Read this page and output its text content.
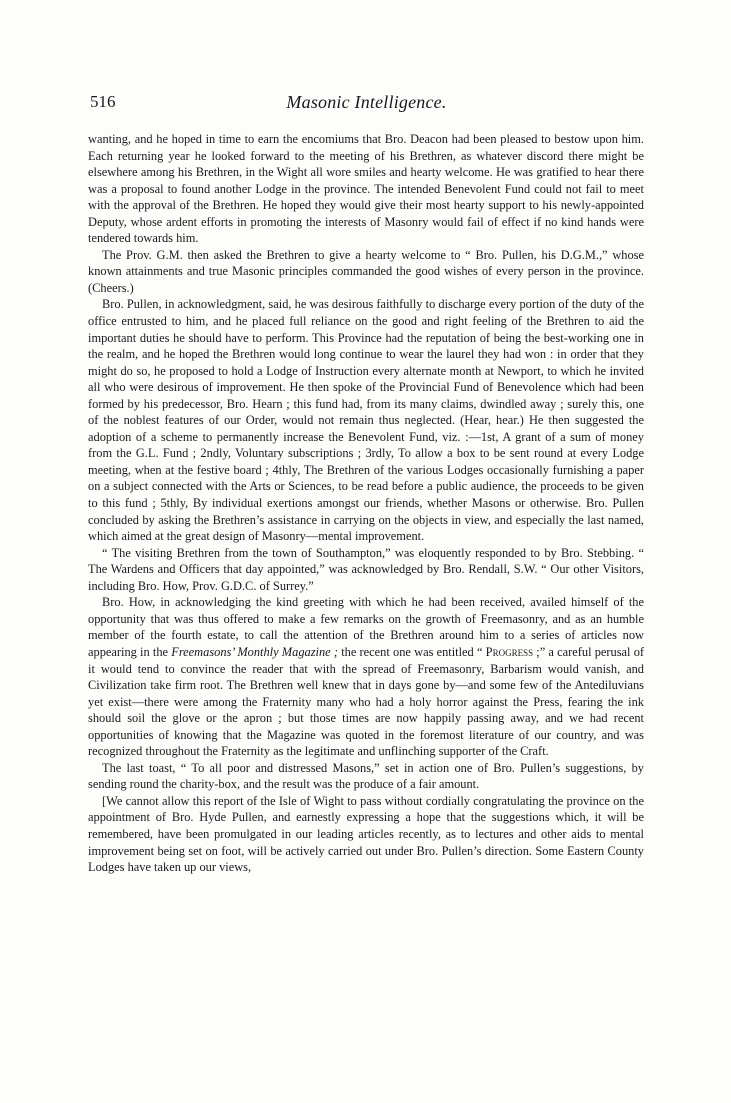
516	Masonic Intelligence.

wanting, and he hoped in time to earn the encomiums that Bro. Deacon had been pleased to bestow upon him. Each returning year he looked forward to the meeting of his Brethren, as whatever discord there might be elsewhere among his Brethren, in the Wight all wore smiles and hearty welcome. He was gratified to hear there was a proposal to found another Lodge in the province. The intended Benevolent Fund could not fail to meet with the approval of the Brethren. He hoped they would give their most hearty support to his newly-appointed Deputy, whose ardent efforts in promoting the interests of Masonry would fail of effect if no kind hands were tendered towards him.

The Prov. G.M. then asked the Brethren to give a hearty welcome to “ Bro. Pullen, his D.G.M.,” whose known attainments and true Masonic principles commanded the good wishes of every person in the province. (Cheers.)

Bro. Pullen, in acknowledgment, said, he was desirous faithfully to discharge every portion of the duty of the office entrusted to him, and he placed full reliance on the good and right feeling of the Brethren to aid the important duties he should have to perform. This Province had the reputation of being the best-working one in the realm, and he hoped the Brethren would long continue to wear the laurel they had won : in order that they might do so, he proposed to hold a Lodge of Instruction every alternate month at Newport, to which he invited all who were desirous of improvement. He then spoke of the Provincial Fund of Benevolence which had been formed by his predecessor, Bro. Hearn ; this fund had, from its many claims, dwindled away ; surely this, one of the noblest features of our Order, would not remain thus neglected. (Hear, hear.) He then suggested the adoption of a scheme to permanently increase the Benevolent Fund, viz. :—1st, A grant of a sum of money from the G.L. Fund ; 2ndly, Voluntary subscriptions ; 3rdly, To allow a box to be sent round at every Lodge meeting, when at the festive board ; 4thly, The Brethren of the various Lodges occasionally furnishing a paper on a subject connected with the Arts or Sciences, to be read before a public audience, the proceeds to be given to this fund ; 5thly, By individual exertions amongst our friends, whether Masons or otherwise. Bro. Pullen concluded by asking the Brethren’s assistance in carrying on the objects in view, and especially the last named, which aimed at the great design of Masonry—mental improvement.

“ The visiting Brethren from the town of Southampton,” was eloquently responded to by Bro. Stebbing. “ The Wardens and Officers that day appointed,” was acknowledged by Bro. Rendall, S.W. “ Our other Visitors, including Bro. How, Prov. G.D.C. of Surrey.”

Bro. How, in acknowledging the kind greeting with which he had been received, availed himself of the opportunity that was thus offered to make a few remarks on the growth of Freemasonry, and as an humble member of the fourth estate, to call the attention of the Brethren around him to a series of articles now appearing in the Freemasons’ Monthly Magazine ; the recent one was entitled “ Progress ;” a careful perusal of it would tend to convince the reader that with the spread of Freemasonry, Barbarism would vanish, and Civilization take firm root. The Brethren well knew that in days gone by—and some few of the Antediluvians yet exist—there were among the Fraternity many who had a holy horror against the Press, fearing the ink should soil the glove or the apron ; but those times are now happily passing away, and we had recent opportunities of knowing that the Magazine was quoted in the foremost literature of our country, and was recognized throughout the Fraternity as the legitimate and unflinching supporter of the Craft.

The last toast, “ To all poor and distressed Masons,” set in action one of Bro. Pullen’s suggestions, by sending round the charity-box, and the result was the produce of a fair amount.

[We cannot allow this report of the Isle of Wight to pass without cordially congratulating the province on the appointment of Bro. Hyde Pullen, and earnestly expressing a hope that the suggestions which, it will be remembered, have been promulgated in our leading articles recently, as to lectures and other aids to mental improvement being set on foot, will be actively carried out under Bro. Pullen’s direction. Some Eastern County Lodges have taken up our views,
